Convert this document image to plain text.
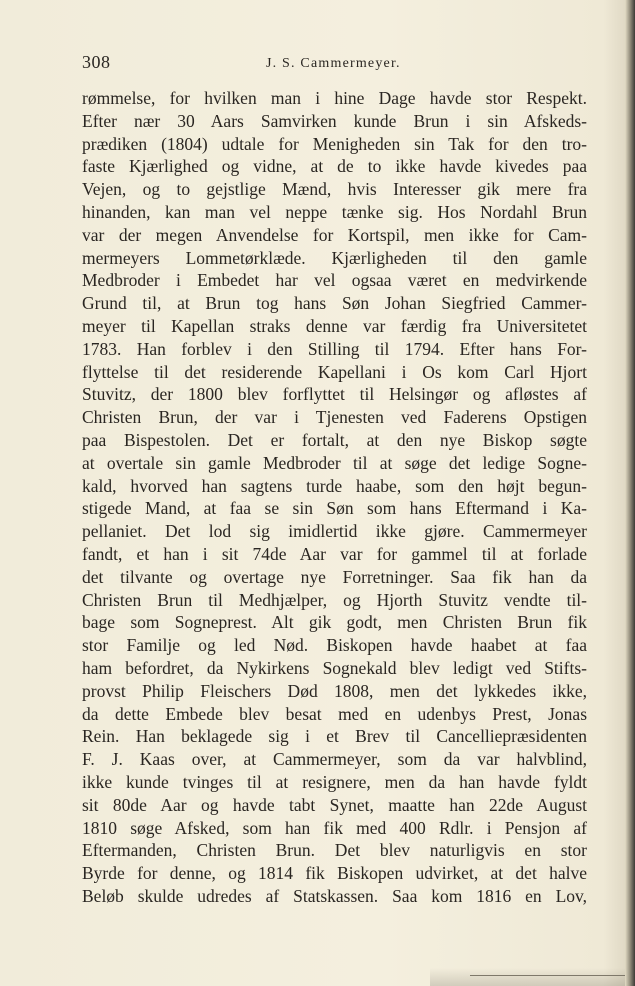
308	J. S. Cammermeyer.
rømmelse, for hvilken man i hine Dage havde stor Respekt.
Efter nær 30 Aars Samvirken kunde Brun i sin Afskeds-
prædiken (1804) udtale for Menigheden sin Tak for den tro-
faste Kjærlighed og vidne, at de to ikke havde kivedes paa
Vejen, og to gejstlige Mænd, hvis Interesser gik mere fra
hinanden, kan man vel neppe tænke sig. Hos Nordahl Brun
var der megen Anvendelse for Kortspil, men ikke for Cam-
mermeyers Lommetørklæde. Kjærligheden til den gamle
Medbroder i Embedet har vel ogsaa været en medvirkende
Grund til, at Brun tog hans Søn Johan Siegfried Cammer-
meyer til Kapellan straks denne var færdig fra Universitetet
1783. Han forblev i den Stilling til 1794. Efter hans For-
flyttelse til det residerende Kapellani i Os kom Carl Hjort
Stuvitz, der 1800 blev forflyttet til Helsingør og afløstes af
Christen Brun, der var i Tjenesten ved Faderens Opstigen
paa Bispestolen. Det er fortalt, at den nye Biskop søgte
at overtale sin gamle Medbroder til at søge det ledige Sogne-
kald, hvorved han sagtens turde haabe, som den højt begun-
stigede Mand, at faa se sin Søn som hans Eftermand i Ka-
pellaniet. Det lod sig imidlertid ikke gjøre. Cammermeyer
fandt, et han i sit 74de Aar var for gammel til at forlade
det tilvante og overtage nye Forretninger. Saa fik han da
Christen Brun til Medhjælper, og Hjorth Stuvitz vendte til-
bage som Sogneprest. Alt gik godt, men Christen Brun fik
stor Familje og led Nød. Biskopen havde haabet at faa
ham befordret, da Nykirkens Sognekald blev ledigt ved Stifts-
provst Philip Fleischers Død 1808, men det lykkedes ikke,
da dette Embede blev besat med en udenbys Prest, Jonas
Rein. Han beklagede sig i et Brev til Cancelliepræsidenten
F. J. Kaas over, at Cammermeyer, som da var halvblind,
ikke kunde tvinges til at resignere, men da han havde fyldt
sit 80de Aar og havde tabt Synet, maatte han 22de August
1810 søge Afsked, som han fik med 400 Rdlr. i Pensjon af
Eftermanden, Christen Brun. Det blev naturligvis en stor
Byrde for denne, og 1814 fik Biskopen udvirket, at det halve
Beløb skulde udredes af Statskassen. Saa kom 1816 en Lov,
